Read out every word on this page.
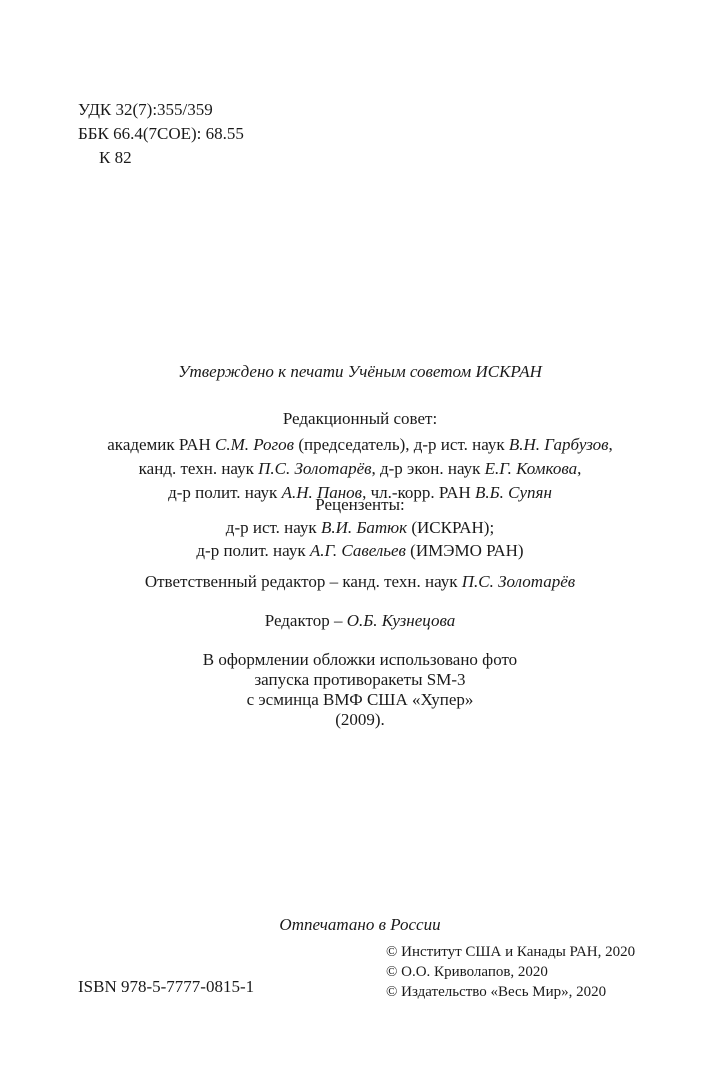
УДК 32(7):355/359
ББК 66.4(7СОЕ): 68.55
К 82
Утверждено к печати Учёным советом ИСКРАН
Редакционный совет:
академик РАН С.М. Рогов (председатель), д-р ист. наук В.Н. Гарбузов,
канд. техн. наук П.С. Золотарёв, д-р экон. наук Е.Г. Комкова,
д-р полит. наук А.Н. Панов, чл.-корр. РАН В.Б. Супян
Рецензенты:
д-р ист. наук В.И. Батюк (ИСКРАН);
д-р полит. наук А.Г. Савельев (ИМЭМО РАН)
Ответственный редактор – канд. техн. наук П.С. Золотарёв
Редактор – О.Б. Кузнецова
В оформлении обложки использовано фото
запуска противоракеты SM-3
с эсминца ВМФ США «Хупер»
(2009).
Отпечатано в России
ISBN 978-5-7777-0815-1
© Институт США и Канады РАН, 2020
© О.О. Криволапов, 2020
© Издательство «Весь Мир», 2020
